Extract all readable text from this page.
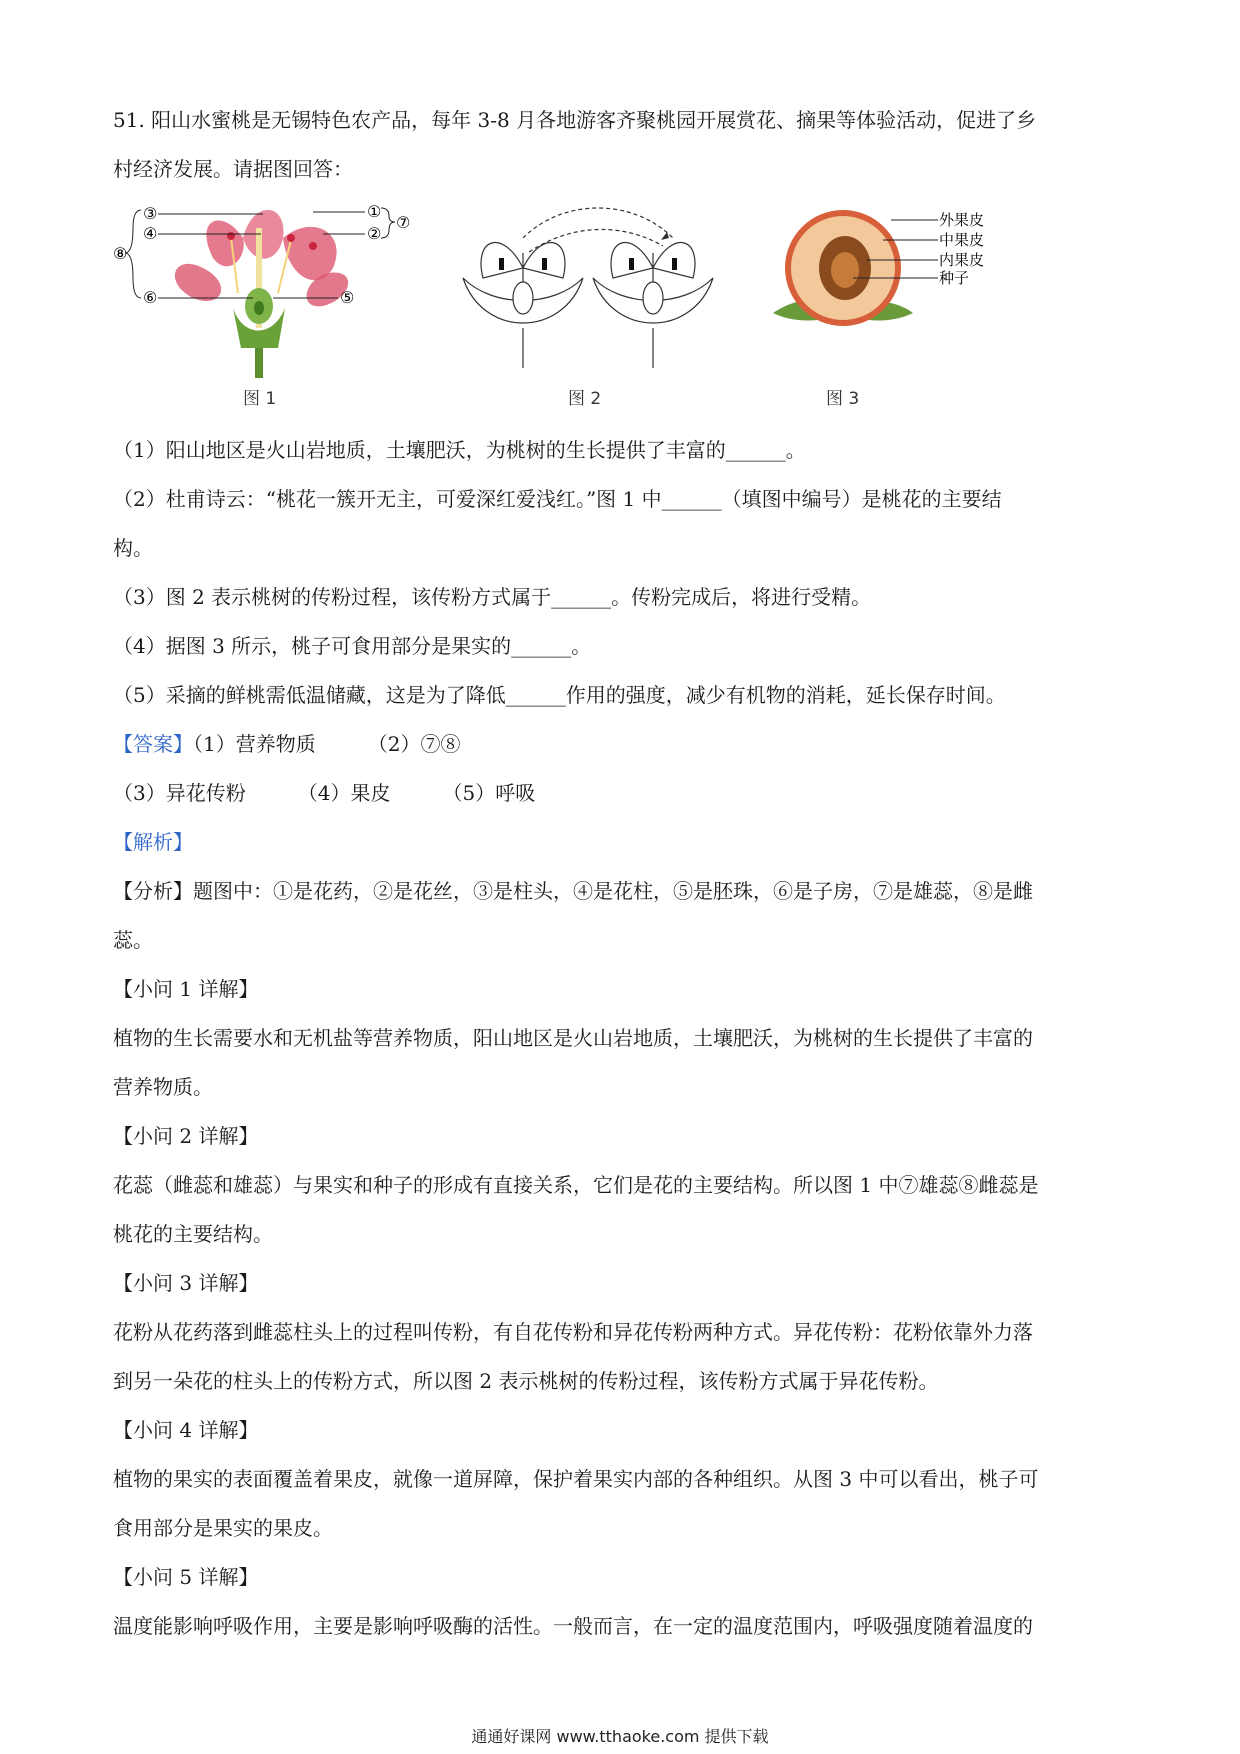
51. 阳山水蜜桃是无锡特色农产品，每年 3-8 月各地游客齐聚桃园开展赏花、摘果等体验活动，促进了乡
村经济发展。请据图回答：
③
④
⑥	⑤
①
②
⑦
⑧
图 1	图 2
外果皮
中果皮
内果皮
种子
图 3
（1）阳山地区是火山岩地质，土壤肥沃，为桃树的生长提供了丰富的______。
（2）杜甫诗云：“桃花一簇开无主，可爱深红爱浅红。”图 1 中______（填图中编号）是桃花的主要结
构。
（3）图 2 表示桃树的传粉过程，该传粉方式属于______。传粉完成后，将进行受精。
（4）据图 3 所示，桃子可食用部分是果实的______。
（5）采摘的鲜桃需低温储藏，这是为了降低______作用的强度，减少有机物的消耗，延长保存时间。
【答案】（1）营养物质	（2）⑦⑧
（3）异花传粉	（4）果皮	（5）呼吸
【解析】
【分析】题图中：①是花药，②是花丝，③是柱头，④是花柱，⑤是胚珠，⑥是子房，⑦是雄蕊，⑧是雌
蕊。
【小问 1 详解】
植物的生长需要水和无机盐等营养物质，阳山地区是火山岩地质，土壤肥沃，为桃树的生长提供了丰富的
营养物质。
【小问 2 详解】
花蕊（雌蕊和雄蕊）与果实和种子的形成有直接关系，它们是花的主要结构。所以图 1 中⑦雄蕊⑧雌蕊是
桃花的主要结构。
【小问 3 详解】
花粉从花药落到雌蕊柱头上的过程叫传粉，有自花传粉和异花传粉两种方式。异花传粉：花粉依靠外力落
到另一朵花的柱头上的传粉方式，所以图 2 表示桃树的传粉过程，该传粉方式属于异花传粉。
【小问 4 详解】
植物的果实的表面覆盖着果皮，就像一道屏障，保护着果实内部的各种组织。从图 3 中可以看出，桃子可
食用部分是果实的果皮。
【小问 5 详解】
温度能影响呼吸作用，主要是影响呼吸酶的活性。一般而言，在一定的温度范围内，呼吸强度随着温度的
通通好课网 www.tthaoke.com 提供下载
